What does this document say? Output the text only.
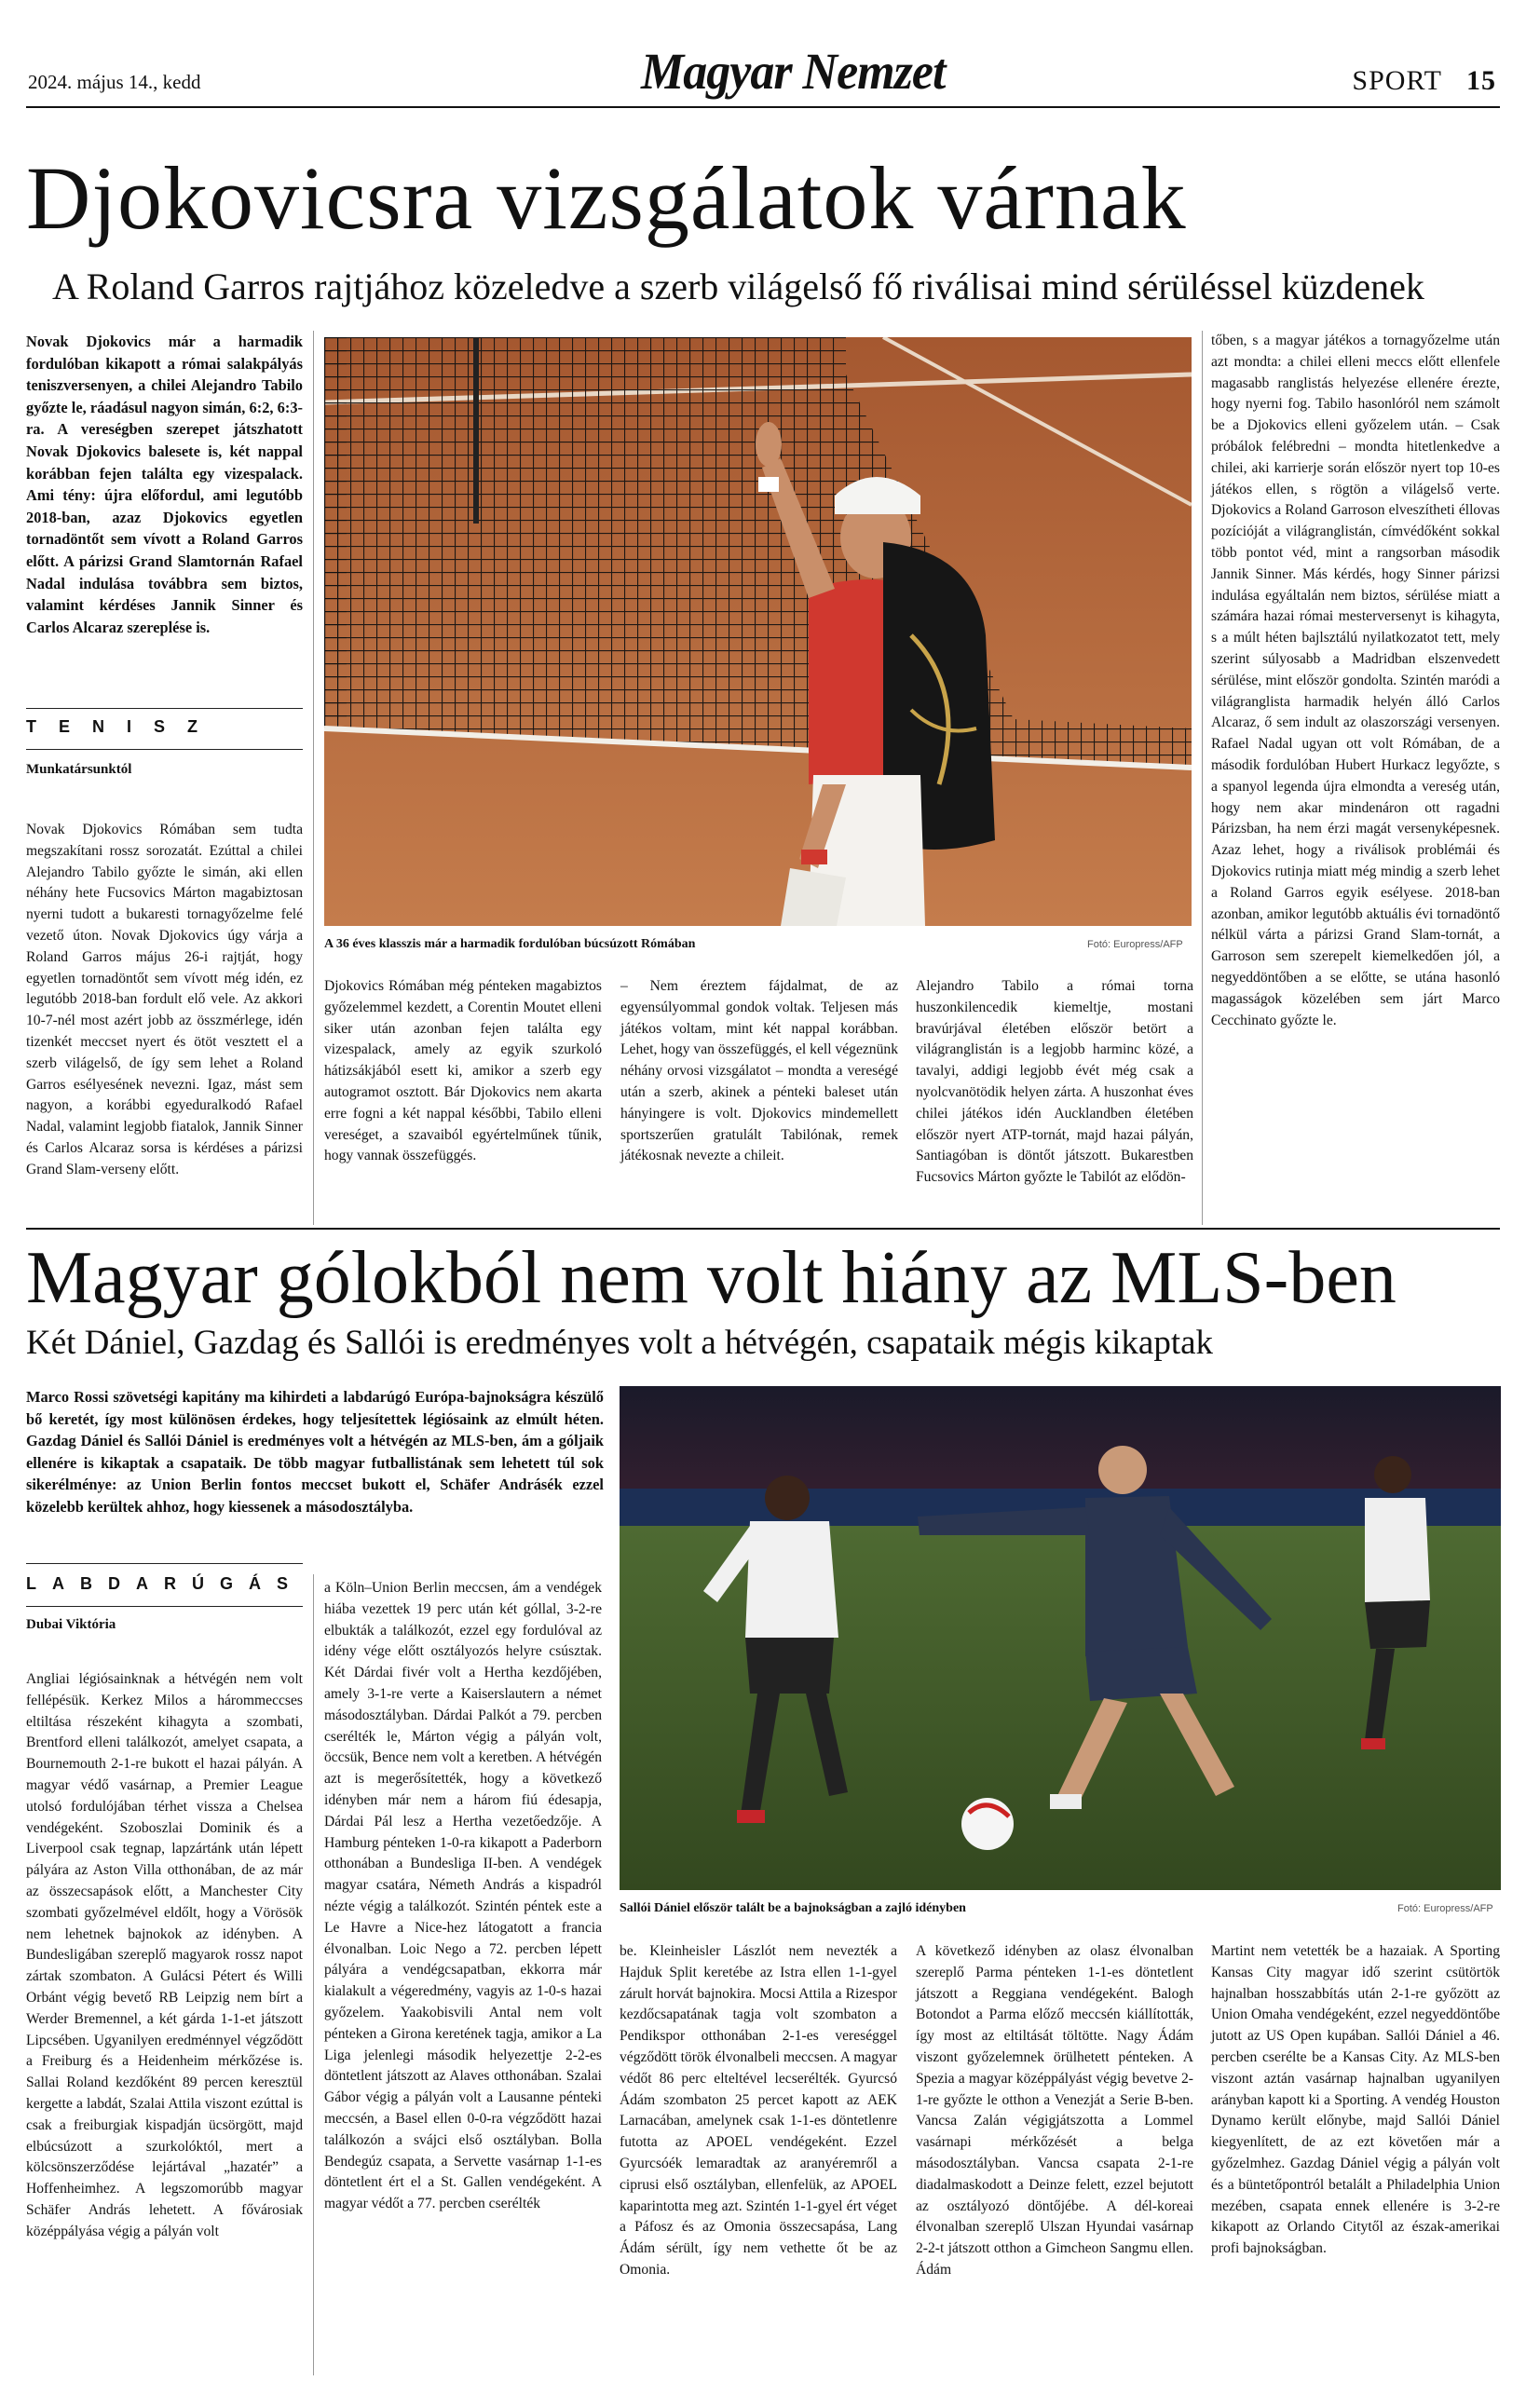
2024. május 14., kedd	Magyar Nemzet	SPORT 15
Djokovicsra vizsgálatok várnak
A Roland Garros rajtjához közeledve a szerb világelső fő riválisai mind sérüléssel küzdenek
Novak Djokovics már a harmadik fordulóban kikapott a római salakpályás teniszversenyen, a chilei Alejandro Tabilo győzte le, ráadásul nagyon simán, 6:2, 6:3-ra. A vereségben szerepet játszhatott Novak Djokovics balesete is, két nappal korábban fejen találta egy vizespalack. Ami tény: újra előfordul, ami legutóbb 2018-ban, azaz Djokovics egyetlen tornadöntőt sem vívott a Roland Garros előtt. A párizsi Grand Slamtornán Rafael Nadal indulása továbbra sem biztos, valamint kérdéses Jannik Sinner és Carlos Alcaraz szereplése is.
TENISZ
Munkatársunktól
Novak Djokovics Rómában sem tudta megszakítani rossz sorozatát. Ezúttal a chilei Alejandro Tabilo győzte le simán, aki ellen néhány hete Fucsovics Márton magabiztosan nyerni tudott a bukaresti tornagyőzelme felé vezető úton. Novak Djokovics úgy várja a Roland Garros május 26-i rajtját, hogy egyetlen tornadöntőt sem vívott még idén, ez legutóbb 2018-ban fordult elő vele. Az akkori 10-7-nél most azért jobb az összmérlege, idén tizenkét meccset nyert és ötöt vesztett el a szerb világelső, de így sem lehet a Roland Garros esélyesének nevezni. Igaz, mást sem nagyon, a korábbi egyeduralkodó Rafael Nadal, valamint legjobb fiatalok, Jannik Sinner és Carlos Alcaraz sorsa is kérdéses a párizsi Grand Slam-verseny előtt.
A 36 éves klasszis már a harmadik fordulóban búcsúzott Rómában	Fotó: Europress/AFP
Djokovics Rómában még pénteken magabiztos győzelemmel kezdett, a Corentin Moutet elleni siker után azonban fejen találta egy vizespalack, amely az egyik szurkoló hátizsákjából esett ki, amikor a szerb egy autogramot osztott. Bár Djokovics nem akarta erre fogni a két nappal későbbi, Tabilo elleni vereséget, a szavaiból egyértelműnek tűnik, hogy vannak összefüggés.
– Nem éreztem fájdalmat, de az egyensúlyommal gondok voltak. Teljesen más játékos voltam, mint két nappal korábban. Lehet, hogy van összefüggés, el kell végeznünk néhány orvosi vizsgálatot – mondta a vereségé után a szerb, akinek a pénteki baleset után hányingere is volt. Djokovics mindemellett sportszerűen gratulált Tabilónak, remek játékosnak nevezte a chileit.
Alejandro Tabilo a római torna huszonkilencedik kiemeltje, mostani bravúrjával életében először betört a világranglistán is a legjobb harminc közé, a tavalyi, addigi legjobb évét még csak a nyolcvanötödik helyen zárta. A huszonhat éves chilei játékos idén Aucklandben életében először nyert ATP-tornát, majd hazai pályán, Santiagóban is döntőt játszott. Bukarestben Fucsovics Márton győzte le Tabilót az elődön-
tőben, s a magyar játékos a tornagyőzelme után azt mondta: a chilei elleni meccs előtt ellenfele magasabb ranglistás helyezése ellenére érezte, hogy nyerni fog. Tabilo hasonlóról nem számolt be a Djokovics elleni győzelem után. – Csak próbálok felébredni – mondta hitetlenkedve a chilei, aki karrierje során először nyert top 10-es játékos ellen, s rögtön a világelső verte. Djokovics a Roland Garroson elveszítheti éllovas pozícióját a világranglistán, címvédőként sokkal több pontot véd, mint a rangsorban második Jannik Sinner. Más kérdés, hogy Sinner párizsi indulása egyáltalán nem biztos, sérülése miatt a számára hazai római mesterversenyt is kihagyta, s a múlt héten bajlsztálú nyilatkozatot tett, mely szerint súlyosabb a Madridban elszenvedett sérülése, mint először gondolta. Szintén maródi a világranglista harmadik helyén álló Carlos Alcaraz, ő sem indult az olaszországi versenyen. Rafael Nadal ugyan ott volt Rómában, de a második fordulóban Hubert Hurkacz legyőzte, s a spanyol legenda újra elmondta a vereség után, hogy nem akar mindenáron ott ragadni Párizsban, ha nem érzi magát versenyképesnek. Azaz lehet, hogy a riválisok problémái és Djokovics rutinja miatt még mindig a szerb lehet a Roland Garros egyik esélyese. 2018-ban azonban, amikor legutóbb aktuális évi tornadöntő nélkül várta a párizsi Grand Slam-tornát, a Garroson sem szerepelt kiemelkedően jól, a negyeddöntőben a se előtte, se utána hasonló magasságok közelében sem járt Marco Cecchinato győzte le.
Magyar gólokból nem volt hiány az MLS-ben
Két Dániel, Gazdag és Sallói is eredményes volt a hétvégén, csapataik mégis kikaptak
Marco Rossi szövetségi kapitány ma kihirdeti a labdarúgó Európa-bajnokságra készülő bő keretét, így most különösen érdekes, hogy teljesítettek légiósaink az elmúlt héten. Gazdag Dániel és Sallói Dániel is eredményes volt a hétvégén az MLS-ben, ám a góljaik ellenére is kikaptak a csapataik. De több magyar futballistának sem lehetett túl sok sikerélménye: az Union Berlin fontos meccset bukott el, Schäfer Andrásék ezzel közelebb kerültek ahhoz, hogy kiessenek a másodosztályba.
LABDARÚGÁS
Dubai Viktória
Angliai légiósainknak a hétvégén nem volt fellépésük. Kerkez Milos a hárommeccses eltiltása részeként kihagyta a szombati, Brentford elleni találkozót, amelyet csapata, a Bournemouth 2-1-re bukott el hazai pályán. A magyar védő vasárnap, a Premier League utolsó fordulójában térhet vissza a Chelsea vendégeként. Szoboszlai Dominik és a Liverpool csak tegnap, lapzártánk után lépett pályára az Aston Villa otthonában, de az már az összecsapások előtt, a Manchester City szombati győzelmével eldőlt, hogy a Vörösök nem lehetnek bajnokok az idényben. A Bundesligában szereplő magyarok rossz napot zártak szombaton. A Gulácsi Pétert és Willi Orbánt végig bevető RB Leipzig nem bírt a Werder Bremennel, a két gárda 1-1-et játszott Lipcsében. Ugyanilyen eredménnyel végződött a Freiburg és a Heidenheim mérkőzése is. Sallai Roland kezdőként 89 percen keresztül kergette a labdát, Szalai Attila viszont ezúttal is csak a freiburgiak kispadján ücsörgött, majd elbúcsúzott a szurkolóktól, mert a kölcsönszerződése lejártával „hazatér” a Hoffenheimhez. A legszomorúbb magyar Schäfer András lehetett. A fővárosiak középpályása végig a pályán volt
a Köln–Union Berlin meccsen, ám a vendégek hiába vezettek 19 perc után két góllal, 3-2-re elbukták a találkozót, ezzel egy fordulóval az idény vége előtt osztályozós helyre csúsztak. Két Dárdai fivér volt a Hertha kezdőjében, amely 3-1-re verte a Kaiserslautern a német másodosztályban. Dárdai Palkót a 79. percben cserélték le, Márton végig a pályán volt, öccsük, Bence nem volt a keretben. A hétvégén azt is megerősítették, hogy a következő idényben már nem a három fiú édesapja, Dárdai Pál lesz a Hertha vezetőedzője. A Hamburg pénteken 1-0-ra kikapott a Paderborn otthonában a Bundesliga II-ben. A vendégek magyar csatára, Németh András a kispadról nézte végig a találkozót. Szintén péntek este a Le Havre a Nice-hez látogatott a francia élvonalban. Loic Nego a 72. percben lépett pályára a vendégcsapatban, ekkorra már kialakult a végeredmény, vagyis az 1-0-s hazai győzelem. Yaakobisvili Antal nem volt pénteken a Girona keretének tagja, amikor a La Liga jelenlegi második helyezettje 2-2-es döntetlent játszott az Alaves otthonában. Szalai Gábor végig a pályán volt a Lausanne pénteki meccsén, a Basel ellen 0-0-ra végződött hazai találkozón a svájci első osztályban. Bolla Bendegúz csapata, a Servette vasárnap 1-1-es döntetlent ért el a St. Gallen vendégeként. A magyar védőt a 77. percben cserélték
Sallói Dániel először talált be a bajnokságban a zajló idényben	Fotó: Europress/AFP
be. Kleinheisler Lászlót nem nevezték a Hajduk Split keretébe az Istra ellen 1-1-gyel zárult horvát bajnokira. Mocsi Attila a Rizespor kezdőcsapatának tagja volt szombaton a Pendikspor otthonában 2-1-es vereséggel végződött török élvonalbeli meccsen. A magyar védőt 86 perc elteltével lecserélték. Gyurcsó Ádám szombaton 25 percet kapott az AEK Larnacában, amelynek csak 1-1-es döntetlenre futotta az APOEL vendégeként. Ezzel Gyurcsóék lemaradtak az aranyéremről a ciprusi első osztályban, ellenfelük, az APOEL kaparintotta meg azt. Szintén 1-1-gyel ért véget a Páfosz és az Omonia összecsapása, Lang Ádám sérült, így nem vethette őt be az Omonia.
A következő idényben az olasz élvonalban szereplő Parma pénteken 1-1-es döntetlent játszott a Reggiana vendégeként. Balogh Botondot a Parma előző meccsén kiállították, így most az eltiltását töltötte. Nagy Ádám viszont győzelemnek örülhetett pénteken. A Spezia a magyar középpályást végig bevetve 2-1-re győzte le otthon a Venezját a Serie B-ben. Vancsa Zalán végigjátszotta a Lommel vasárnapi mérkőzését a belga másodosztályban. Vancsa csapata 2-1-re diadalmaskodott a Deinze felett, ezzel bejutott az osztályozó döntőjébe. A dél-koreai élvonalban szereplő Ulszan Hyundai vasárnap 2-2-t játszott otthon a Gimcheon Sangmu ellen. Ádám
Martint nem vetették be a hazaiak. A Sporting Kansas City magyar idő szerint csütörtök hajnalban hosszabbítás után 2-1-re győzött az Union Omaha vendégeként, ezzel negyeddöntőbe jutott az US Open kupában. Sallói Dániel a 46. percben cserélte be a Kansas City. Az MLS-ben viszont aztán vasárnap hajnalban ugyanilyen arányban kapott ki a Sporting. A vendég Houston Dynamo került előnybe, majd Sallói Dániel kiegyenlített, de az ezt követően már a győzelmhez. Gazdag Dániel végig a pályán volt és a büntetőpontról betalált a Philadelphia Union mezében, csapata ennek ellenére is 3-2-re kikapott az Orlando Citytől az észak-amerikai profi bajnokságban.
